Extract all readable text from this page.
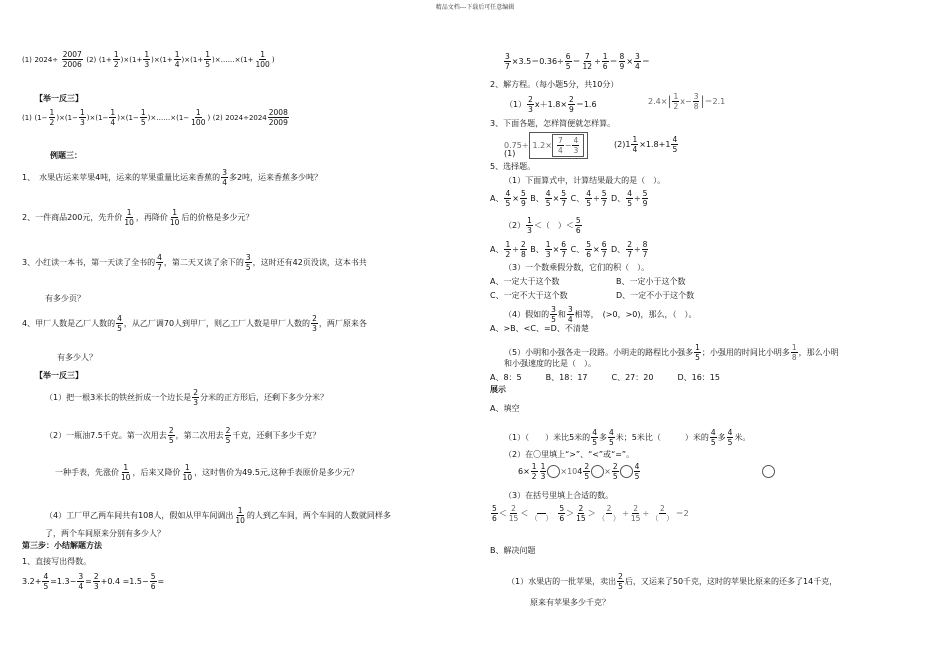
精品文档---下载后可任意编辑
(1) $2024\div \frac{2007}{2006} (2)$ $(1+ \frac{1}{2} )\times(1+ \frac{1}{3} )\times(1+ \frac{1}{4} )\times(1+ \frac{1}{5}$ )×……×(1+ $\frac{1}{100}$ )
【举一反三】
(1) $(1- \frac{1}{2} )\times(1- \frac{1}{3} )\times(1- \frac{1}{4} )\times(1- \frac{1}{5}$ )×……×(1− $\frac{1}{100}$ ) (2) $2024\div 2024 \frac{2008}{2009}$
例题三：
1、　水果店运来苹果4吨，运来的苹果重量比运来香蕉的 $\frac{3}{4}$ 多2吨，运来香蕉多少吨？
2、一件商品200元，先升价 $\frac{1}{10}$ ，再降价 $\frac{1}{10}$ 后的价格是多少元？
3、小红读一本书，第一天读了全书的 $\frac{4}{7}$ ，第二天又读了余下的 $\frac{3}{5}$ ，这时还有42页没读，这本书共
有多少页？
4、甲厂人数是乙厂人数的 $\frac{4}{5}$ ，从乙厂调70人到甲厂，则乙工厂人数是甲厂人数的 $\frac{2}{3}$ ，两厂原来各
有多少人？
【举一反三】
（1）把一根3米长的铁丝折成一个边长是 $\frac{2}{3}$ 分米的正方形后，还剩下多少分米？
（2）一瓶油7.5千克。第一次用去 $\frac{2}{5}$ ，第二次用去 $\frac{2}{5}$ 千克，还剩下多少千克？
一种手表，先涨价 $\frac{1}{10}$ ，后来又降价 $\frac{1}{10}$ ，这时售价为49.5元,这种手表原价是多少元？
（4）工厂甲乙两车间共有108人，假如从甲车间调出 $\frac{1}{10}$ 的人到乙车间，两个车间的人数就同样多
了，两个车间原来分别有多少人？
第三步：小结解题方法
1、直接写出得数。
$3.2+ \frac{4}{5} =1.3- \frac{3}{4} = \frac{2}{3} +0.4 =1.5- \frac{5}{6}$ =
$\frac{3}{7} \times 3.5=0.36\div \frac{6}{5} = \frac{7}{12} \div \frac{1}{6} = \frac{8}{9} \times \frac{3}{4}$ ＝
2、解方程。（每小题5分，共10分）
$(1) \frac{2}{3} x+1.8\times \frac{2}{9} =1.6$	$2.4\times| \frac{1}{2} x- \frac{3}{8} |=2.1$
3、下面各题，怎样简便就怎样算。
$0.75\div 1.2\times \frac{7}{4} - \frac{4}{3}$
(1)
$(2)1 \frac{1}{4} \times 1.8+1 \frac{4}{5}$
5、选择题。
（1）下面算式中，计算结果最大的是（　）。
A、 $\frac{4}{5} \times \frac{5}{9}$ B、 $\frac{4}{5} \times \frac{5}{7}$ C、 $\frac{4}{5} \div \frac{5}{7}$ D、 $\frac{4}{5} \div \frac{5}{9}$
$(2) \frac{1}{3}$ ＜（　）＜ $\frac{5}{6}$
A、 $\frac{1}{2} \div \frac{2}{8}$ B、 $\frac{1}{3} \times \frac{6}{7}$ C、 $\frac{5}{6} \times \frac{6}{7}$ D、 $\frac{2}{7} \div \frac{8}{7}$
（3）一个数乘假分数，它们的积（　）。
A、一定大于这个数	B、一定小于这个数
C、一定不大于这个数	D、一定不小于这个数
（4）假如的 $\frac{3}{5}$ 和 $\frac{3}{4}$ 相等，　(>0，>0)，那么，（　）。
A、>B、<C、=D、不清楚
（5）小明和小强各走一段路。小明走的路程比小强多 $\frac{1}{5}$ ；小强用的时间比小明多 $\frac{1}{8}$ ，那么小明
和小强速度的比是（　）。
A、8：5　　　B、18：17　　　C、27：20　　　D、16：15
展示
A、填空
（1）（　　）米比5米的 $\frac{4}{5}$ 多 $\frac{4}{5}$ 米；5米比（　　　）米的 $\frac{4}{5}$ 多 $\frac{4}{5}$ 米。
（2）在〇里填上“>”、“<”或“=”。
$6\times \frac{1}{2} \frac{1}{3} \times 104 \frac{2}{5} \times \frac{2}{5} \frac{4}{5}$

（3）在括号里填上合适的数。
$\frac{5}{6} < \frac{2}{15}$ ＜

（　）
$\frac{5}{6} > \frac{2}{15}$ ＞
2
（　）
÷ $\frac{2}{15}$ ÷
2
（　）
＝2
B、解决问题
（1）水果店的一批苹果，卖出 $\frac{2}{5}$ 后，又运来了50千克，这时的苹果比原来的还多了14千克，
原来有苹果多少千克？
